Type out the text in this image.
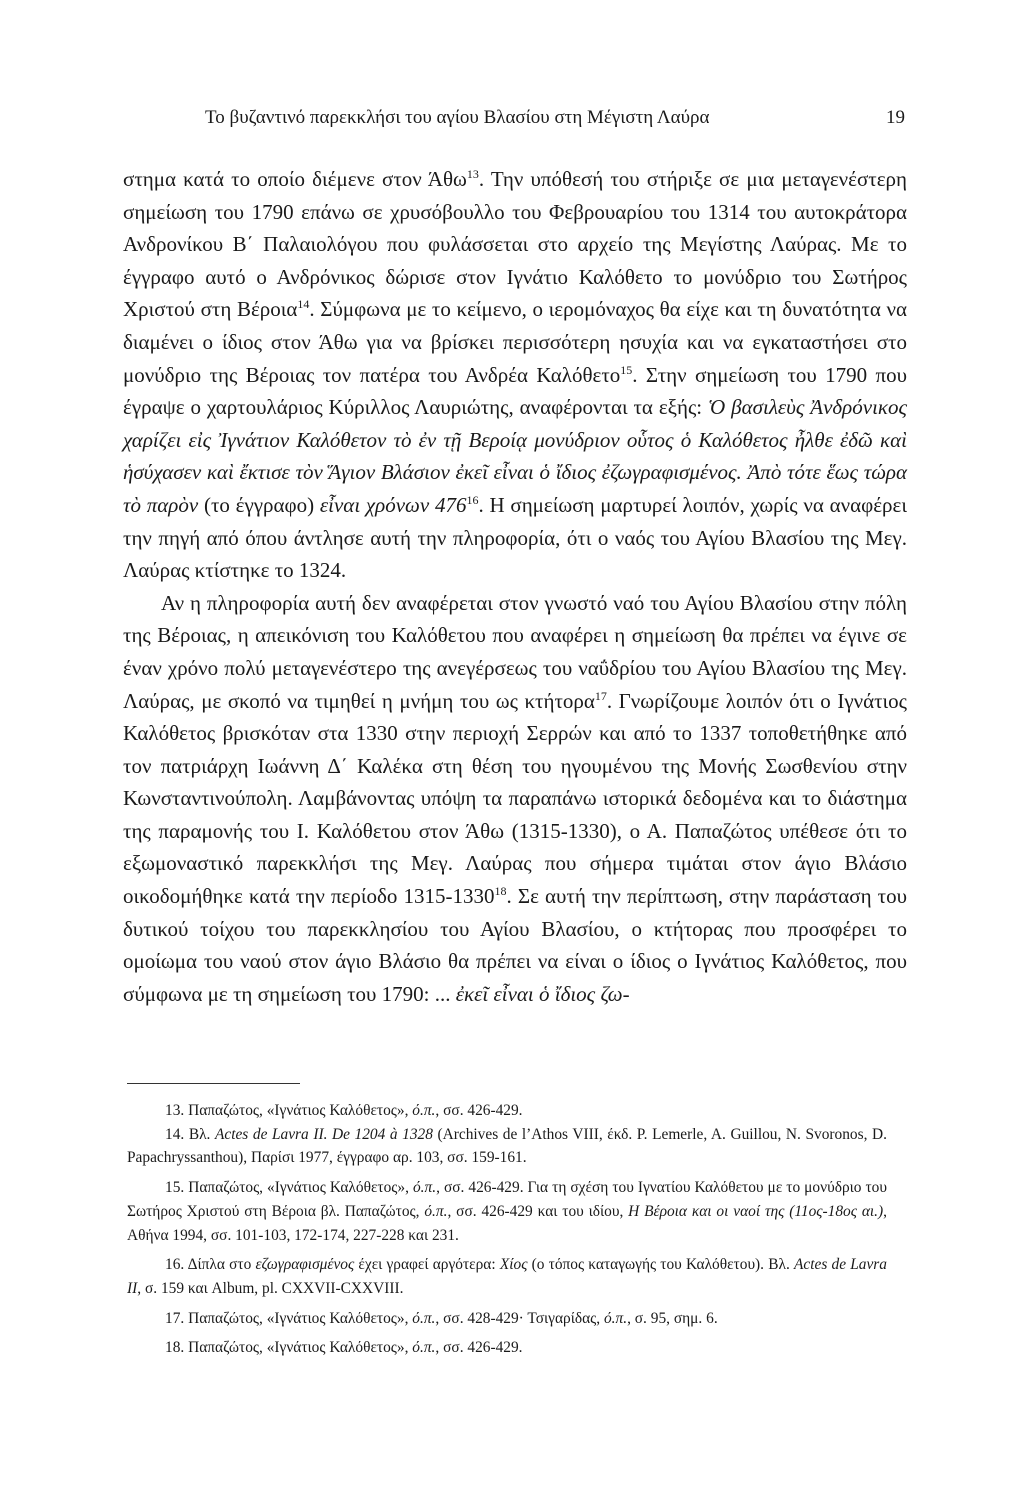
Το βυζαντινό παρεκκλήσι του αγίου Βλασίου στη Μέγιστη Λαύρα	19

στημα κατά το οποίο διέμενε στον Άθω$^{13}$. Την υπόθεσή του στήριξε σε μια μεταγενέστερη σημείωση του 1790 επάνω σε χρυσόβουλλο του Φεβρουαρίου του 1314 του αυτοκράτορα Ανδρονίκου Β΄ Παλαιολόγου που φυλάσσεται στο αρχείο της Μεγίστης Λαύρας. Με το έγγραφο αυτό ο Ανδρόνικος δώρισε στον Ιγνάτιο Καλόθετο το μονύδριο του Σωτήρος Χριστού στη Βέροια$^{14}$. Σύμφωνα με το κείμενο, ο ιερομόναχος θα είχε και τη δυνατότητα να διαμένει ο ίδιος στον Άθω για να βρίσκει περισσότερη ησυχία και να εγκαταστήσει στο μονύδριο της Βέροιας τον πατέρα του Ανδρέα Καλόθετο$^{15}$. Στην σημείωση του 1790 που έγραψε ο χαρτουλάριος Κύριλλος Λαυριώτης, αναφέρονται τα εξής: Ὁ βασιλεὺς Ἀνδρόνικος χαρίζει εἰς Ἰγνάτιον Καλόθετον τὸ ἐν τῇ Βεροίᾳ μονύδριον οὗτος ὁ Καλόθετος ἦλθε ἐδῶ καὶ ἡσύχασεν καὶ ἔκτισε τὸν Ἅγιον Βλάσιον ἐκεῖ εἶναι ὁ ἴδιος ἐζωγραφισμένος. Ἀπὸ τότε ἕως τώρα τὸ παρὸν (το έγγραφο) εἶναι χρόνων $476^{16}$. Η σημείωση μαρτυρεί λοιπόν, χωρίς να αναφέρει την πηγή από όπου άντλησε αυτή την πληροφορία, ότι ο ναός του Αγίου Βλασίου της Μεγ. Λαύρας κτίστηκε το 1324.

Αν η πληροφορία αυτή δεν αναφέρεται στον γνωστό ναό του Αγίου Βλασίου στην πόλη της Βέροιας, η απεικόνιση του Καλόθετου που αναφέρει η σημείωση θα πρέπει να έγινε σε έναν χρόνο πολύ μεταγενέστερο της ανεγέρσεως του ναΰδρίου του Αγίου Βλασίου της Μεγ. Λαύρας, με σκοπό να τιμηθεί η μνήμη του ως κτήτορα$^{17}$. Γνωρίζουμε λοιπόν ότι ο Ιγνάτιος Καλόθετος βρισκόταν στα 1330 στην περιοχή Σερρών και από το 1337 τοποθετήθηκε από τον πατριάρχη Ιωάννη Δ΄ Καλέκα στη θέση του ηγουμένου της Μονής Σωσθενίου στην Κωνσταντινούπολη. Λαμβάνοντας υπόψη τα παραπάνω ιστορικά δεδομένα και το διάστημα της παραμονής του Ι. Καλόθετου στον Άθω (1315-1330), ο Α. Παπαζώτος υπέθεσε ότι το εξωμοναστικό παρεκκλήσι της Μεγ. Λαύρας που σήμερα τιμάται στον άγιο Βλάσιο οικοδομήθηκε κατά την περίοδο 1315-1330$^{18}$. Σε αυτή την περίπτωση, στην παράσταση του δυτικού τοίχου του παρεκκλησίου του Αγίου Βλασίου, ο κτήτορας που προσφέρει το ομοίωμα του ναού στον άγιο Βλάσιο θα πρέπει να είναι ο ίδιος ο Ιγνάτιος Καλόθετος, που σύμφωνα με τη σημείωση του 1790: ... ἐκεῖ εἶναι ὁ ἴδιος ζω-

13. Παπαζώτος, «Ιγνάτιος Καλόθετος», ό.π., σσ. 426-429.

14. Βλ. Actes de Lavra II. De 1204 à 1328 (Archives de l’Athos VIII, έκδ. P. Lemerle, A. Guillou, N. Svoronos, D. Papachryssanthou), Παρίσι 1977, έγγραφο αρ. 103, σσ. 159-161.

15. Παπαζώτος, «Ιγνάτιος Καλόθετος», ό.π., σσ. 426-429. Για τη σχέση του Ιγνατίου Καλόθετου με το μονύδριο του Σωτήρος Χριστού στη Βέροια βλ. Παπαζώτος, ό.π., σσ. 426-429 και του ιδίου, Η Βέροια και οι ναοί της (11ος-18ος αι.), Αθήνα 1994, σσ. 101-103, 172-174, 227-228 και 231.

16. Δίπλα στο εζωγραφισμένος έχει γραφεί αργότερα: Χίος (ο τόπος καταγωγής του Καλόθετου). Βλ. Actes de Lavra II, σ. 159 και Album, pl. CXXVII-CXXVIII.

17. Παπαζώτος, «Ιγνάτιος Καλόθετος», ό.π., σσ. 428-429· Τσιγαρίδας, ό.π., σ. 95, σημ. 6.

18. Παπαζώτος, «Ιγνάτιος Καλόθετος», ό.π., σσ. 426-429.
